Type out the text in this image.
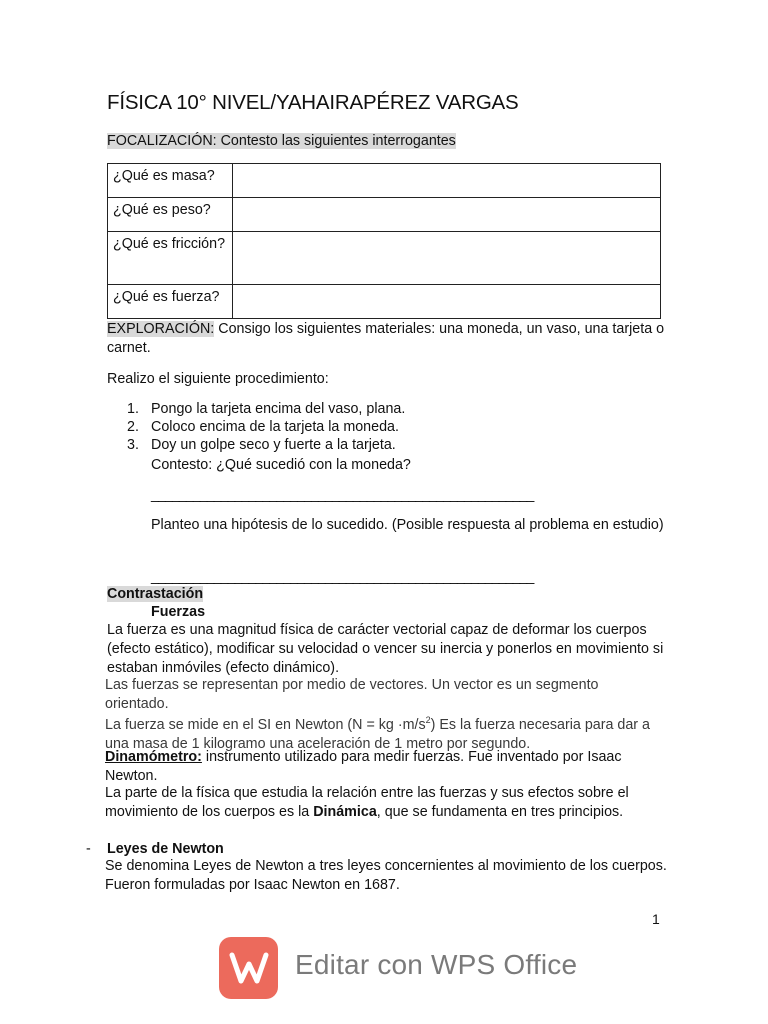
FÍSICA 10° NIVEL/YAHAIRAPÉREZ VARGAS
FOCALIZACIÓN: Contesto las siguientes interrogantes
¿Qué es masa?	
¿Qué es peso?	
¿Qué es fricción?	
¿Qué es fuerza?	
EXPLORACIÓN: Consigo los siguientes materiales: una moneda, un vaso, una tarjeta o carnet.
Realizo el siguiente procedimiento:
1. Pongo la tarjeta encima del vaso, plana.
2. Coloco encima de la tarjeta la moneda.
3. Doy un golpe seco y fuerte a la tarjeta.
Contesto: ¿Qué sucedió con la moneda?
_______________________________________________________
Planteo una hipótesis de lo sucedido. (Posible respuesta al problema en estudio)
_______________________________________________________
Contrastación
Fuerzas
La fuerza es una magnitud física de carácter vectorial capaz de deformar los cuerpos (efecto estático), modificar su velocidad o vencer su inercia y ponerlos en movimiento si estaban inmóviles (efecto dinámico).
Las fuerzas se representan por medio de vectores. Un vector es un segmento orientado.
La fuerza se mide en el SI en Newton (N = kg $\cdot m/s^2$) Es la fuerza necesaria para dar a una masa de 1 kilogramo una aceleración de 1 metro por segundo.
Dinamómetro: instrumento utilizado para medir fuerzas. Fue inventado por Isaac Newton.
La parte de la física que estudia la relación entre las fuerzas y sus efectos sobre el movimiento de los cuerpos es la Dinámica, que se fundamenta en tres principios.
- Leyes de Newton
Se denomina Leyes de Newton a tres leyes concernientes al movimiento de los cuerpos. Fueron formuladas por Isaac Newton en 1687.
1
Editar con WPS Office
